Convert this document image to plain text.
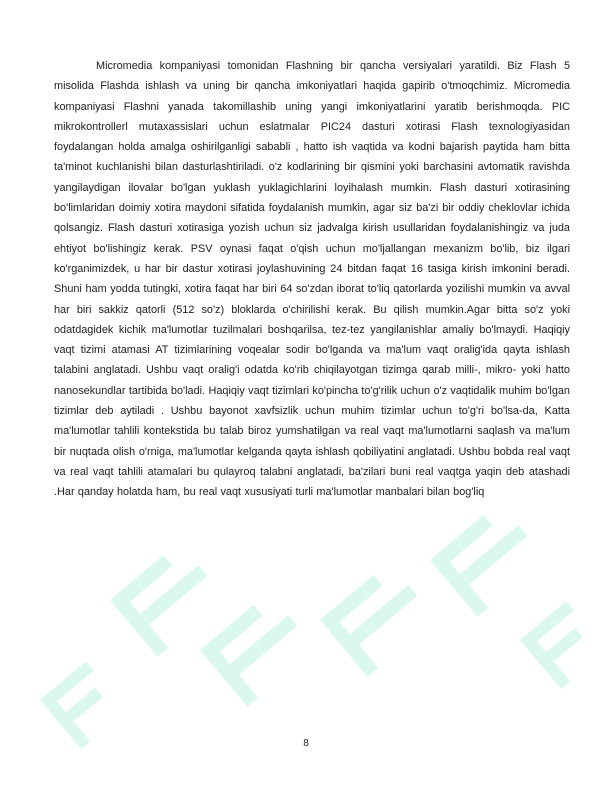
Micromedia kompaniyasi tomonidan Flashning bir qancha versiyalari yaratildi. Biz Flash 5 misolida Flashda ishlash va uning bir qancha imkoniyatlari haqida gapirib o'tmoqchimiz. Micromedia kompaniyasi Flashni yanada takomillashib uning yangi imkoniyatlarini yaratib berishmoqda. PIC mikrokontrollerl mutaxassislari uchun eslatmalar PIC24 dasturi xotirasi Flash texnologiyasidan foydalangan holda amalga oshirilganligi sababli , hatto ish vaqtida va kodni bajarish paytida ham bitta ta'minot kuchlanishi bilan dasturlashtiriladi. o'z kodlarining bir qismini yoki barchasini avtomatik ravishda yangilaydigan ilovalar bo'lgan yuklash yuklagichlarini loyihalash mumkin. Flash dasturi xotirasining bo'limlaridan doimiy xotira maydoni sifatida foydalanish mumkin, agar siz ba'zi bir oddiy cheklovlar ichida qolsangiz. Flash dasturi xotirasiga yozish uchun siz jadvalga kirish usullaridan foydalanishingiz va juda ehtiyot bo'lishingiz kerak. PSV oynasi faqat o'qish uchun mo'ljallangan mexanizm bo'lib, biz ilgari ko'rganimizdek, u har bir dastur xotirasi joylashuvining 24 bitdan faqat 16 tasiga kirish imkonini beradi. Shuni ham yodda tutingki, xotira faqat har biri 64 so'zdan iborat to'liq qatorlarda yozilishi mumkin va avval har biri sakkiz qatorli (512 so'z) bloklarda o'chirilishi kerak. Bu qilish mumkin.Agar bitta so'z yoki odatdagidek kichik ma'lumotlar tuzilmalari boshqarilsa, tez-tez yangilanishlar amaliy bo'lmaydi. Haqiqiy vaqt tizimi atamasi AT tizimlarining voqealar sodir bo'lganda va ma'lum vaqt oralig'ida qayta ishlash talabini anglatadi. Ushbu vaqt oralig'i odatda ko'rib chiqilayotgan tizimga qarab milli-, mikro- yoki hatto nanosekundlar tartibida bo'ladi. Haqiqiy vaqt tizimlari ko'pincha to'g'rilik uchun o'z vaqtidalik muhim bo'lgan tizimlar deb aytiladi . Ushbu bayonot xavfsizlik uchun muhim tizimlar uchun to'g'ri bo'lsa-da, Katta ma'lumotlar tahlili kontekstida bu talab biroz yumshatilgan va real vaqt ma'lumotlarni saqlash va ma'lum bir nuqtada olish o'rniga, ma'lumotlar kelganda qayta ishlash qobiliyatini anglatadi. Ushbu bobda real vaqt va real vaqt tahlili atamalari bu qulayroq talabni anglatadi, ba'zilari buni real vaqtga yaqin deb atashadi .Har qanday holatda ham, bu real vaqt xususiyati turli ma'lumotlar manbalari bilan bog'liq

8
